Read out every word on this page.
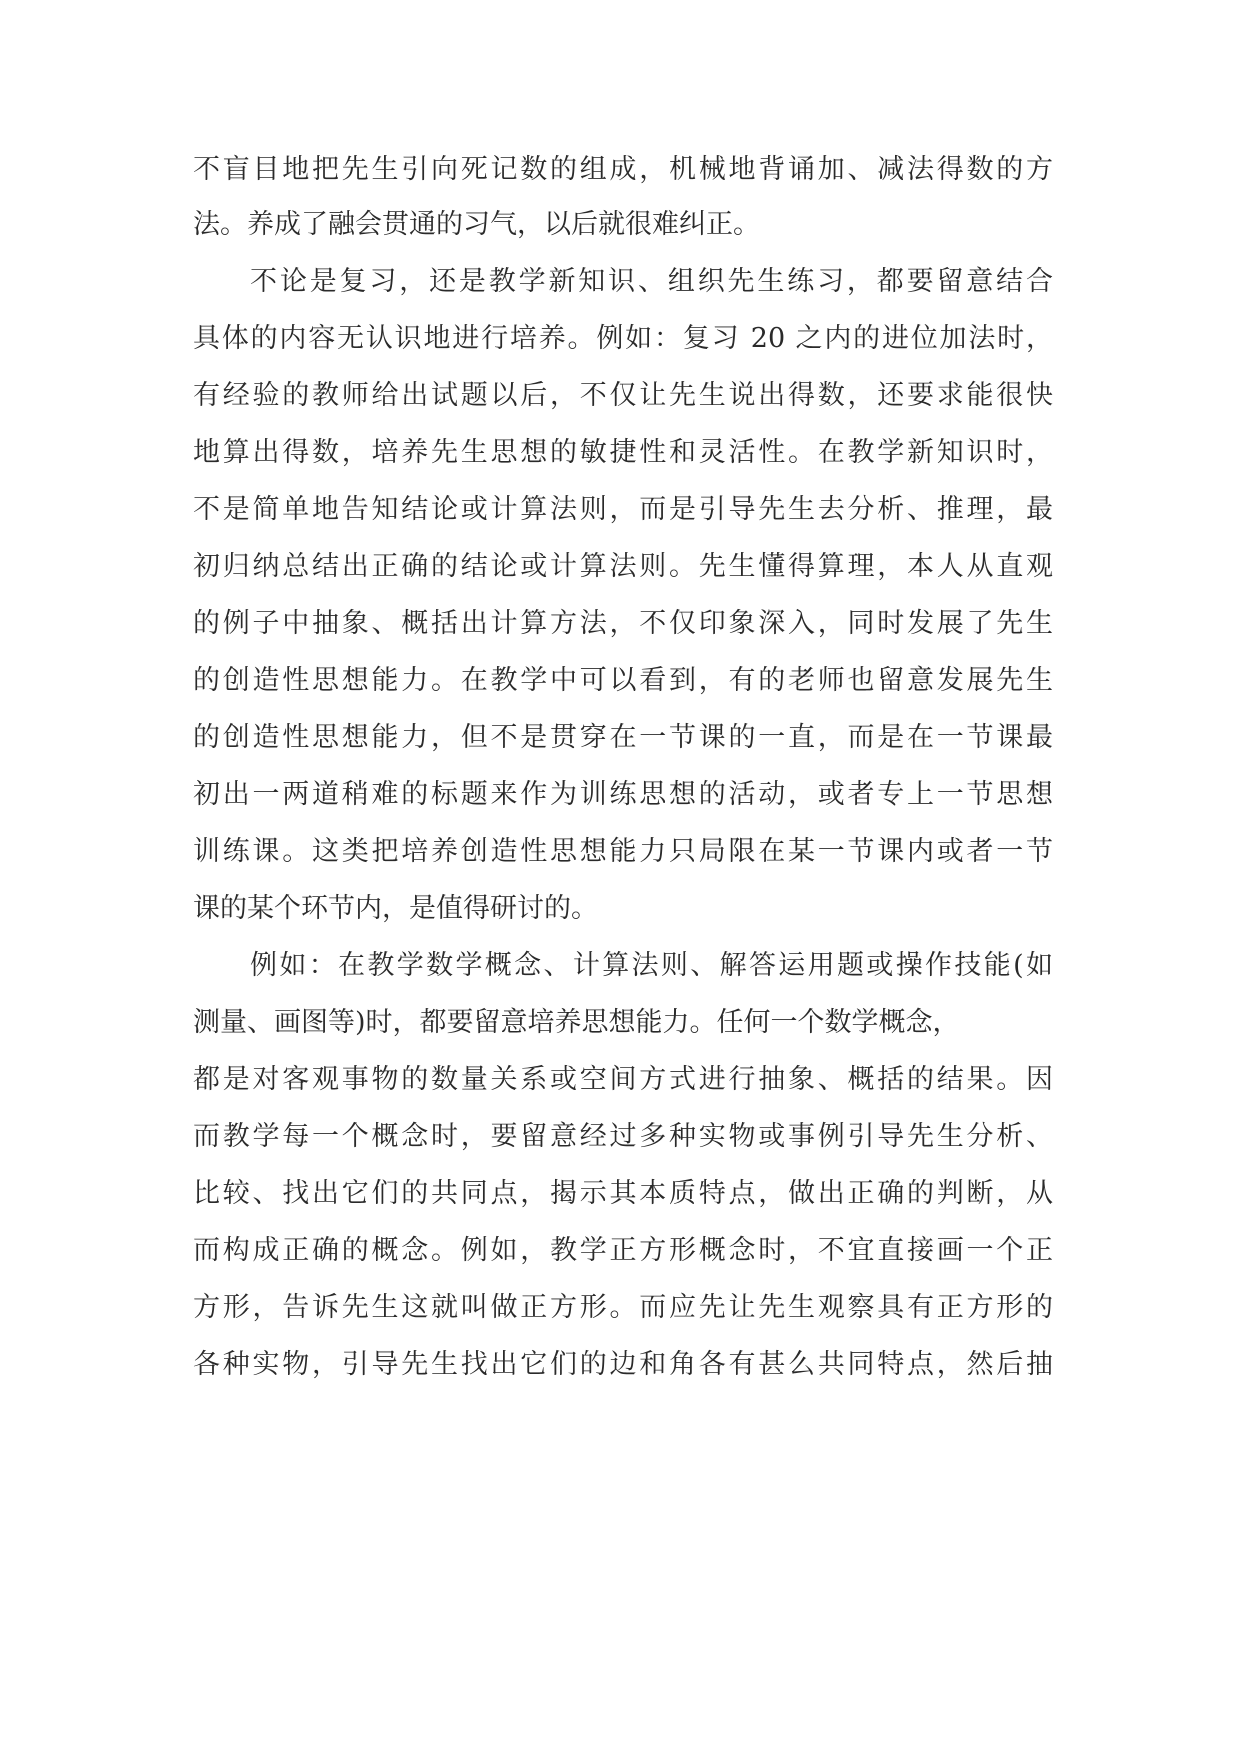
不盲目地把先生引向死记数的组成，机械地背诵加、减法得数的方

法。养成了融会贯通的习气，以后就很难纠正。

不论是复习，还是教学新知识、组织先生练习，都要留意结合

具体的内容无认识地进行培养。例如：复习 20 之内的进位加法时，

有经验的教师给出试题以后，不仅让先生说出得数，还要求能很快

地算出得数，培养先生思想的敏捷性和灵活性。在教学新知识时，

不是简单地告知结论或计算法则，而是引导先生去分析、推理，最

初归纳总结出正确的结论或计算法则。先生懂得算理，本人从直观

的例子中抽象、概括出计算方法，不仅印象深入，同时发展了先生

的创造性思想能力。在教学中可以看到，有的老师也留意发展先生

的创造性思想能力，但不是贯穿在一节课的一直，而是在一节课最

初出一两道稍难的标题来作为训练思想的活动，或者专上一节思想

训练课。这类把培养创造性思想能力只局限在某一节课内或者一节

课的某个环节内，是值得研讨的。

例如：在教学数学概念、计算法则、解答运用题或操作技能(如

测量、画图等)时，都要留意培养思想能力。任何一个数学概念，

都是对客观事物的数量关系或空间方式进行抽象、概括的结果。因

而教学每一个概念时，要留意经过多种实物或事例引导先生分析、

比较、找出它们的共同点，揭示其本质特点，做出正确的判断，从

而构成正确的概念。例如，教学正方形概念时，不宜直接画一个正

方形，告诉先生这就叫做正方形。而应先让先生观察具有正方形的

各种实物，引导先生找出它们的边和角各有甚么共同特点，然后抽
